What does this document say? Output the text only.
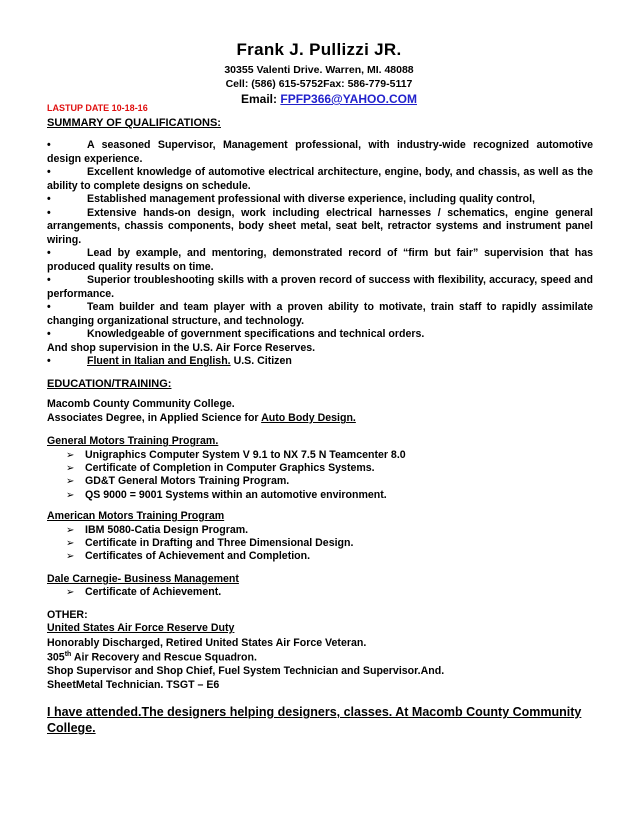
Frank J. Pullizzi JR.
30355 Valenti Drive. Warren, MI. 48088
Cell: (586) 615-5752Fax: 586-779-5117
Email: FPFP366@YAHOO.COM
LASTUP DATE 10-18-16
SUMMARY OF QUALIFICATIONS:
•	A seasoned Supervisor, Management professional, with industry-wide recognized automotive design experience.
•	Excellent knowledge of automotive electrical architecture, engine, body, and chassis, as well as the ability to complete designs on schedule.
•	Established management professional with diverse experience, including quality control,
•	Extensive hands-on design, work including electrical harnesses / schematics, engine general arrangements, chassis components, body sheet metal, seat belt, retractor systems and instrument panel wiring.
•	Lead by example, and mentoring, demonstrated record of “firm but fair” supervision that has produced quality results on time.
•	Superior troubleshooting skills with a proven record of success with flexibility, accuracy, speed and performance.
•	Team builder and team player with a proven ability to motivate, train staff to rapidly assimilate changing organizational structure, and technology.
•	Knowledgeable of government specifications and technical orders.
And shop supervision in the U.S. Air Force Reserves.
•	Fluent in Italian and English. U.S. Citizen
EDUCATION/TRAINING:
Macomb County Community College.
Associates Degree, in Applied Science for Auto Body Design.
General Motors Training Program.
➢ Unigraphics Computer System V 9.1 to NX 7.5 N Teamcenter 8.0
➢ Certificate of Completion in Computer Graphics Systems.
➢ GD&T General Motors Training Program.
➢ QS 9000 = 9001 Systems within an automotive environment.
American Motors Training Program
➢ IBM 5080-Catia Design Program.
➢ Certificate in Drafting and Three Dimensional Design.
➢ Certificates of Achievement and Completion.
Dale Carnegie- Business Management
➢ Certificate of Achievement.
OTHER:
United States Air Force Reserve Duty
Honorably Discharged, Retired United States Air Force Veteran.
305th Air Recovery and Rescue Squadron.
Shop Supervisor and Shop Chief, Fuel System Technician and Supervisor.And.
SheetMetal Technician. TSGT – E6
I have attended.The designers helping designers, classes. At Macomb County Community College.
